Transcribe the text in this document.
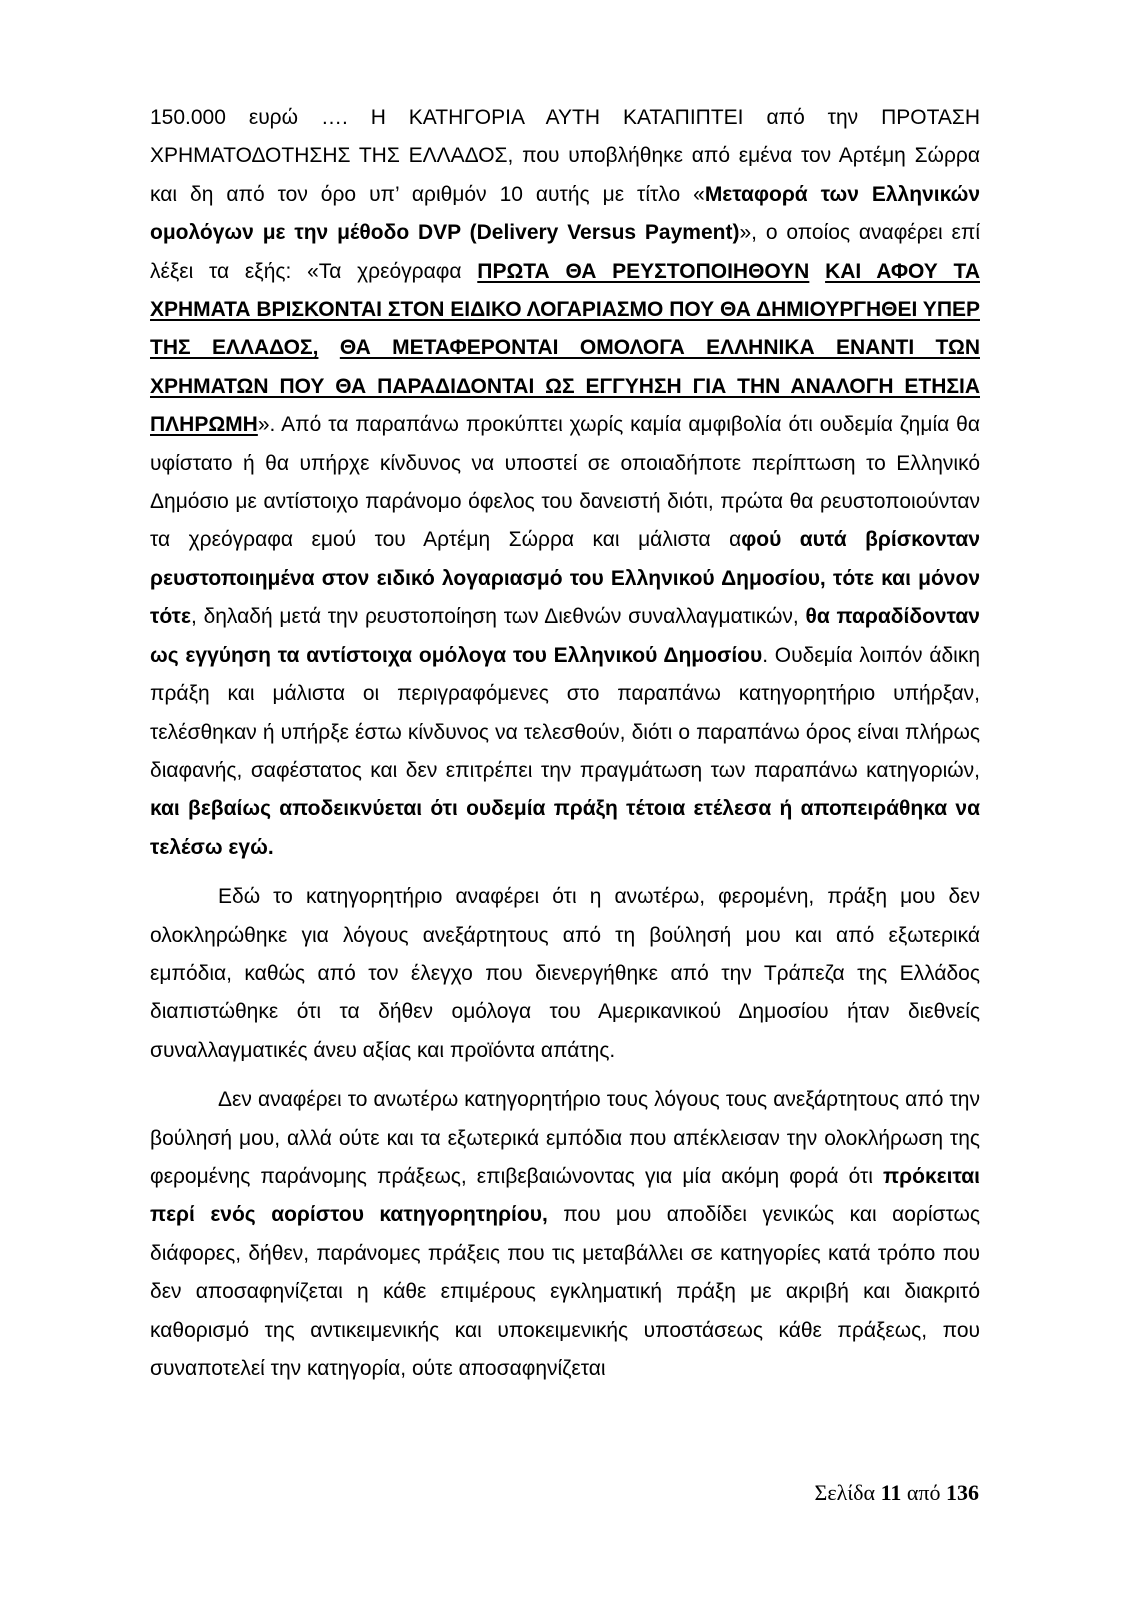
150.000 ευρώ …. Η ΚΑΤΗΓΟΡΙΑ ΑΥΤΗ ΚΑΤΑΠΙΠΤΕΙ από την ΠΡΟΤΑΣΗ ΧΡΗΜΑΤΟΔΟΤΗΣΗΣ ΤΗΣ ΕΛΛΑΔΟΣ, που υποβλήθηκε από εμένα τον Αρτέμη Σώρρα και δη από τον όρο υπ’ αριθμόν 10 αυτής με τίτλο «Μεταφορά των Ελληνικών ομολόγων με την μέθοδο DVP (Delivery Versus Payment)», ο οποίος αναφέρει επί λέξει τα εξής: «Τα χρεόγραφα ΠΡΩΤΑ ΘΑ ΡΕΥΣΤΟΠΟΙΗΘΟΥΝ ΚΑΙ ΑΦΟΥ ΤΑ ΧΡΗΜΑΤΑ ΒΡΙΣΚΟΝΤΑΙ ΣΤΟΝ ΕΙΔΙΚΟ ΛΟΓΑΡΙΑΣΜΟ ΠΟΥ ΘΑ ΔΗΜΙΟΥΡΓΗΘΕΙ ΥΠΕΡ ΤΗΣ ΕΛΛΑΔΟΣ, ΘΑ ΜΕΤΑΦΕΡΟΝΤΑΙ ΟΜΟΛΟΓΑ ΕΛΛΗΝΙΚΑ ΕΝΑΝΤΙ ΤΩΝ ΧΡΗΜΑΤΩΝ ΠΟΥ ΘΑ ΠΑΡΑΔΙΔΟΝΤΑΙ ΩΣ ΕΓΓΥΗΣΗ ΓΙΑ ΤΗΝ ΑΝΑΛΟΓΗ ΕΤΗΣΙΑ ΠΛΗΡΩΜΗ». Από τα παραπάνω προκύπτει χωρίς καμία αμφιβολία ότι ουδεμία ζημία θα υφίστατο ή θα υπήρχε κίνδυνος να υποστεί σε οποιαδήποτε περίπτωση το Ελληνικό Δημόσιο με αντίστοιχο παράνομο όφελος του δανειστή διότι, πρώτα θα ρευστοποιούνταν τα χρεόγραφα εμού του Αρτέμη Σώρρα και μάλιστα αφού αυτά βρίσκονταν ρευστοποιημένα στον ειδικό λογαριασμό του Ελληνικού Δημοσίου, τότε και μόνον τότε, δηλαδή μετά την ρευστοποίηση των Διεθνών συναλλαγματικών, θα παραδίδονταν ως εγγύηση τα αντίστοιχα ομόλογα του Ελληνικού Δημοσίου. Ουδεμία λοιπόν άδικη πράξη και μάλιστα οι περιγραφόμενες στο παραπάνω κατηγορητήριο υπήρξαν, τελέσθηκαν ή υπήρξε έστω κίνδυνος να τελεσθούν, διότι ο παραπάνω όρος είναι πλήρως διαφανής, σαφέστατος και δεν επιτρέπει την πραγμάτωση των παραπάνω κατηγοριών, και βεβαίως αποδεικνύεται ότι ουδεμία πράξη τέτοια ετέλεσα ή αποπειράθηκα να τελέσω εγώ.

Εδώ το κατηγορητήριο αναφέρει ότι η ανωτέρω, φερομένη, πράξη μου δεν ολοκληρώθηκε για λόγους ανεξάρτητους από τη βούλησή μου και από εξωτερικά εμπόδια, καθώς από τον έλεγχο που διενεργήθηκε από την Τράπεζα της Ελλάδος διαπιστώθηκε ότι τα δήθεν ομόλογα του Αμερικανικού Δημοσίου ήταν διεθνείς συναλλαγματικές άνευ αξίας και προϊόντα απάτης.

Δεν αναφέρει το ανωτέρω κατηγορητήριο τους λόγους τους ανεξάρτητους από την βούλησή μου, αλλά ούτε και τα εξωτερικά εμπόδια που απέκλεισαν την ολοκλήρωση της φερομένης παράνομης πράξεως, επιβεβαιώνοντας για μία ακόμη φορά ότι πρόκειται περί ενός αορίστου κατηγορητηρίου, που μου αποδίδει γενικώς και αορίστως διάφορες, δήθεν, παράνομες πράξεις που τις μεταβάλλει σε κατηγορίες κατά τρόπο που δεν αποσαφηνίζεται η κάθε επιμέρους εγκληματική πράξη με ακριβή και διακριτό καθορισμό της αντικειμενικής και υποκειμενικής υποστάσεως κάθε πράξεως, που συναποτελεί την κατηγορία, ούτε αποσαφηνίζεται

Σελίδα 11 από 136
